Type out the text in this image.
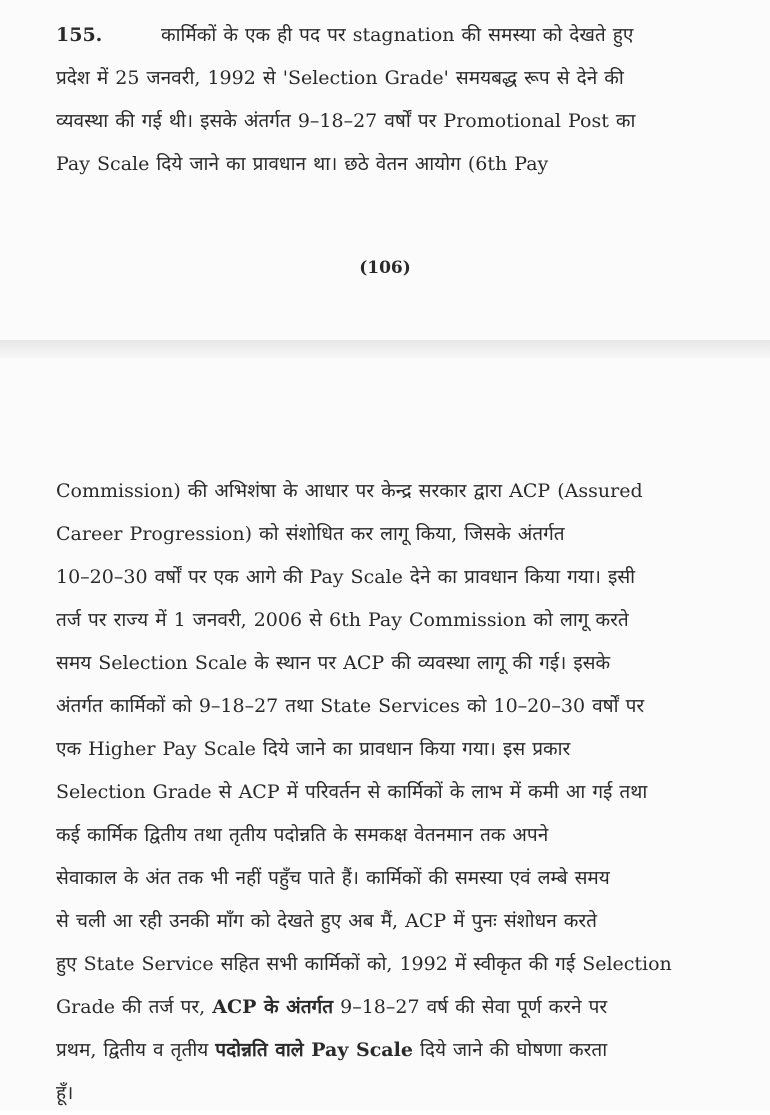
155.	कार्मिकों के एक ही पद पर stagnation की समस्या को देखते हुए
प्रदेश में 25 जनवरी, 1992 से 'Selection Grade' समयबद्ध रूप से देने की
व्यवस्था की गई थी। इसके अंतर्गत 9–18–27 वर्षों पर Promotional Post का
Pay Scale दिये जाने का प्रावधान था। छठे वेतन आयोग (6th Pay
(106)
Commission) की अभिशंषा के आधार पर केन्द्र सरकार द्वारा ACP (Assured
Career Progression) को संशोधित कर लागू किया, जिसके अंतर्गत
10–20–30 वर्षों पर एक आगे की Pay Scale देने का प्रावधान किया गया। इसी
तर्ज पर राज्य में 1 जनवरी, 2006 से 6th Pay Commission को लागू करते
समय Selection Scale के स्थान पर ACP की व्यवस्था लागू की गई। इसके
अंतर्गत कार्मिकों को 9–18–27 तथा State Services को 10–20–30 वर्षों पर
एक Higher Pay Scale दिये जाने का प्रावधान किया गया। इस प्रकार
Selection Grade से ACP में परिवर्तन से कार्मिकों के लाभ में कमी आ गई तथा
कई कार्मिक द्वितीय तथा तृतीय पदोन्नति के समकक्ष वेतनमान तक अपने
सेवाकाल के अंत तक भी नहीं पहुँच पाते हैं। कार्मिकों की समस्या एवं लम्बे समय
से चली आ रही उनकी माँग को देखते हुए अब मैं, ACP में पुनः संशोधन करते
हुए State Service सहित सभी कार्मिकों को, 1992 में स्वीकृत की गई Selection
Grade की तर्ज पर, ACP के अंतर्गत 9–18–27 वर्ष की सेवा पूर्ण करने पर
प्रथम, द्वितीय व तृतीय पदोन्नति वाले Pay Scale दिये जाने की घोषणा करता
हूँ।
